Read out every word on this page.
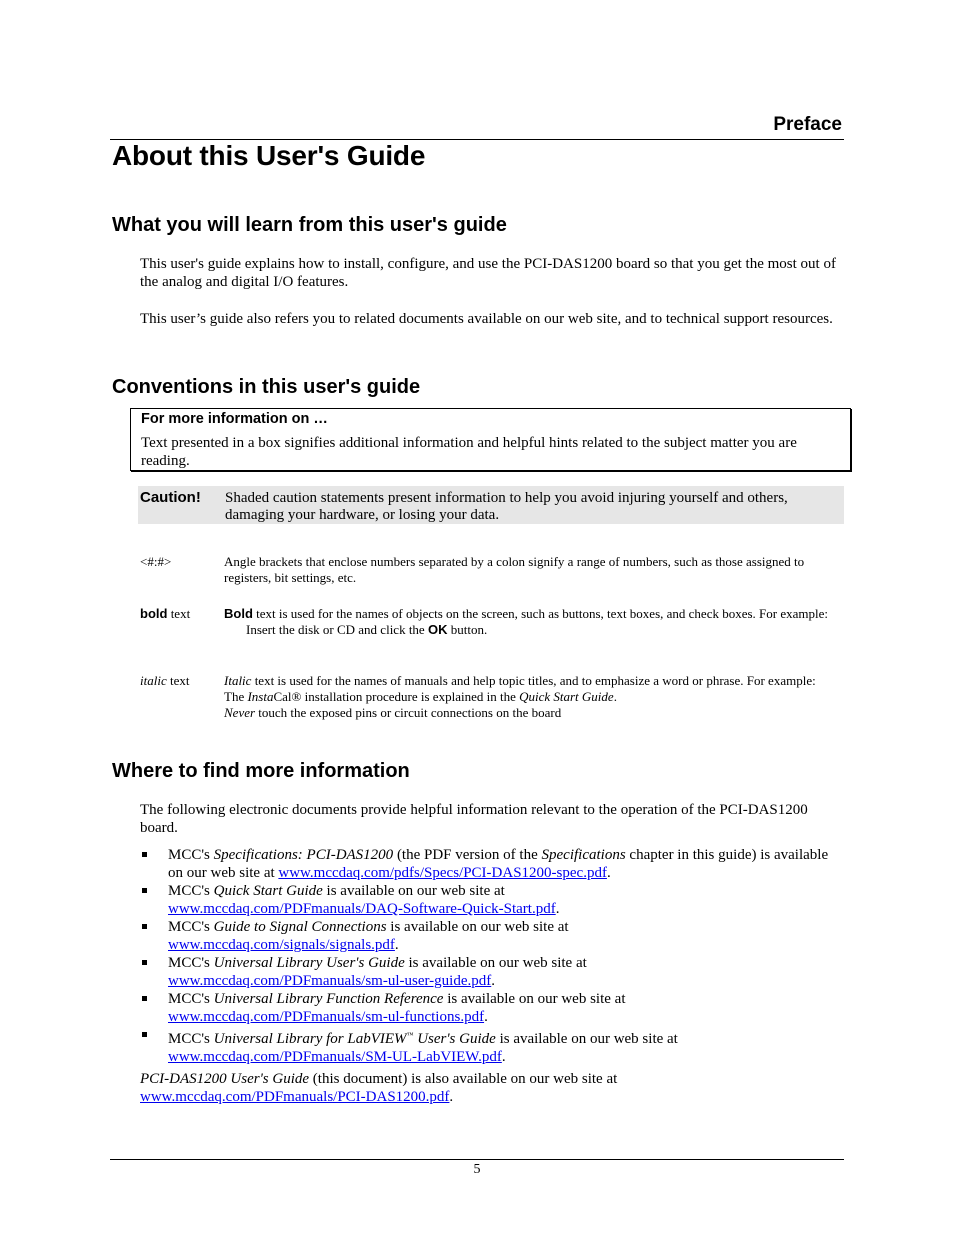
Preface
About this User's Guide
What you will learn from this user's guide
This user's guide explains how to install, configure, and use the PCI-DAS1200 board so that you get the most out of the analog and digital I/O features.
This user’s guide also refers you to related documents available on our web site, and to technical support resources.
Conventions in this user's guide
For more information on …
Text presented in a box signifies additional information and helpful hints related to the subject matter you are reading.
Caution! Shaded caution statements present information to help you avoid injuring yourself and others, damaging your hardware, or losing your data.
<#:#>	Angle brackets that enclose numbers separated by a colon signify a range of numbers, such as those assigned to registers, bit settings, etc.
bold text	Bold text is used for the names of objects on the screen, such as buttons, text boxes, and check boxes. For example:
Insert the disk or CD and click the OK button.
italic text	Italic text is used for the names of manuals and help topic titles, and to emphasize a word or phrase. For example:
The InstaCal® installation procedure is explained in the Quick Start Guide.
Never touch the exposed pins or circuit connections on the board
Where to find more information
The following electronic documents provide helpful information relevant to the operation of the PCI-DAS1200 board.
MCC's Specifications: PCI-DAS1200 (the PDF version of the Specifications chapter in this guide) is available on our web site at www.mccdaq.com/pdfs/Specs/PCI-DAS1200-spec.pdf.
MCC's Quick Start Guide is available on our web site at
www.mccdaq.com/PDFmanuals/DAQ-Software-Quick-Start.pdf.
MCC's Guide to Signal Connections is available on our web site at
www.mccdaq.com/signals/signals.pdf.
MCC's Universal Library User's Guide is available on our web site at
www.mccdaq.com/PDFmanuals/sm-ul-user-guide.pdf.
MCC's Universal Library Function Reference is available on our web site at
www.mccdaq.com/PDFmanuals/sm-ul-functions.pdf.
MCC's Universal Library for LabVIEW™ User's Guide is available on our web site at
www.mccdaq.com/PDFmanuals/SM-UL-LabVIEW.pdf.
PCI-DAS1200 User's Guide (this document) is also available on our web site at
www.mccdaq.com/PDFmanuals/PCI-DAS1200.pdf.
5
